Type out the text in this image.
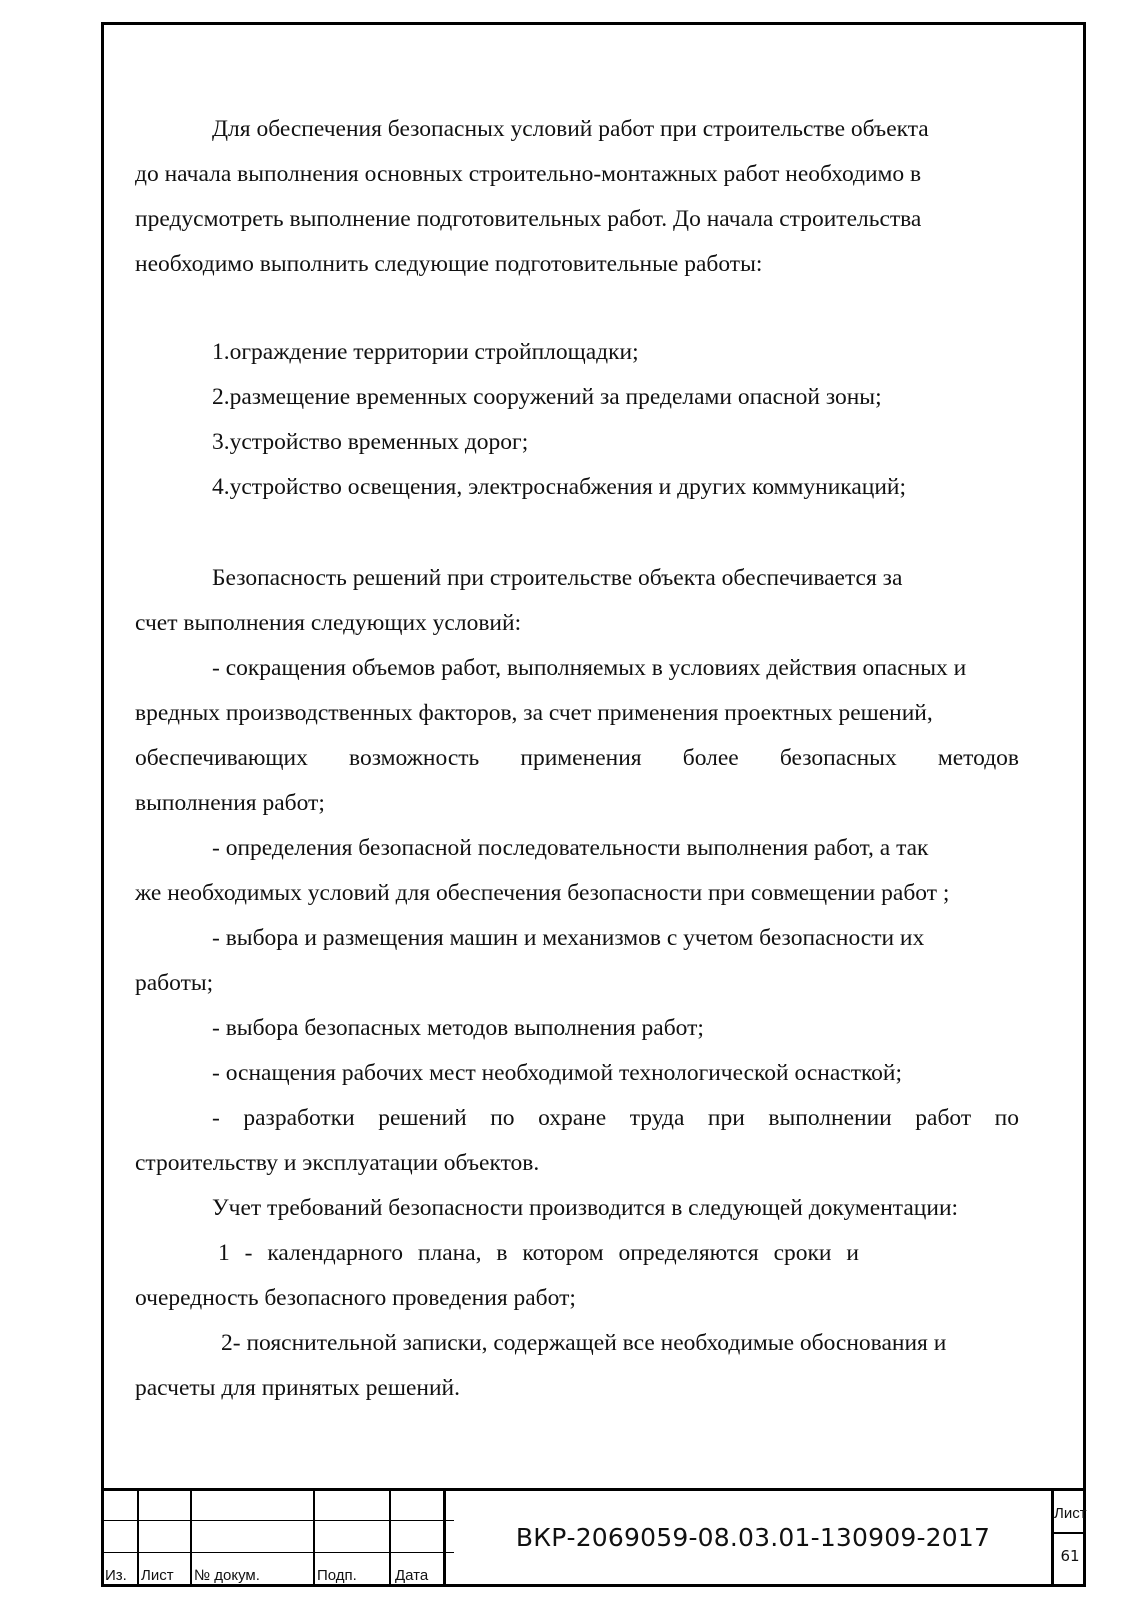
Для обеспечения безопасных условий работ при строительстве объекта
до начала выполнения основных строительно-монтажных работ необходимо в
предусмотреть выполнение подготовительных работ. До начала строительства
необходимо выполнить следующие подготовительные работы:
1.ограждение территории стройплощадки;
2.размещение временных сооружений за пределами опасной зоны;
3.устройство временных дорог;
4.устройство освещения, электроснабжения и других коммуникаций;
Безопасность решений при строительстве объекта обеспечивается за
счет выполнения следующих условий:
- сокращения объемов работ, выполняемых в условиях действия опасных и
вредных производственных факторов, за счет применения проектных решений,
обеспечивающих возможность применения более безопасных методов
выполнения работ;
- определения безопасной последовательности выполнения работ, а так
же необходимых условий для обеспечения безопасности при совмещении работ ;
- выбора и размещения машин и механизмов с учетом безопасности их
работы;
- выбора безопасных методов выполнения работ;
- оснащения рабочих мест необходимой технологической оснасткой;
- разработки решений по охране труда при выполнении работ по
строительству и эксплуатации объектов.
Учет требований безопасности производится в следующей документации:
1 - календарного плана, в котором определяются сроки и
очередность безопасного проведения работ;
2- пояснительной записки, содержащей все необходимые обоснования и
расчеты для принятых решений.
Из. Лист № докум.	Подп.	Дата
ВКР-2069059-08.03.01-130909-2017
Лист
61
